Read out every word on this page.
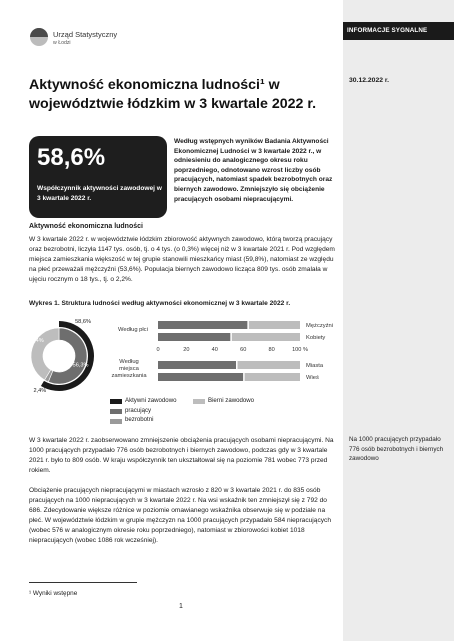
INFORMACJE SYGNALNE
30.12.2022 r.
Urząd Statystyczny
w Łodzi
Aktywność ekonomiczna ludności¹ w województwie łódzkim w 3 kwartale 2022 r.
58,6%
Współczynnik aktywności zawodowej w 3 kwartale 2022 r.
Według wstępnych wyników Badania Aktywności Ekonomicznej Ludności w 3 kwartale 2022 r., w odniesieniu do analogicznego okresu roku poprzedniego, odnotowano wzrost liczby osób pracujących, natomiast spadek bezrobotnych oraz biernych zawodowo. Zmniejszyło się obciążenie pracujących osobami niepracującymi.
Aktywność ekonomiczna ludności
W 3 kwartale 2022 r. w województwie łódzkim zbiorowość aktywnych zawodowo, którą tworzą pracujący oraz bezrobotni, liczyła 1147 tys. osób, tj. o 4 tys. (o 0,3%) więcej niż w 3 kwartale 2021 r. Pod względem miejsca zamieszkania większość w tej grupie stanowili mieszkańcy miast (59,8%), natomiast ze względu na płeć przeważali mężczyźni (53,6%). Populacja biernych zawodowo licząca 809 tys. osób zmalała w ujęciu rocznym o 18 tys., tj. o 2,2%.
Wykres 1. Struktura ludności według aktywności ekonomicznej w 3 kwartale 2022 r.
56,3%
41,4%
2,4%
58,6%
Mężczyźni
Kobiety
Miasta
Wieś
0	20	40	60	80	100 %
Według płci
Według miejsca zamieszkania
Aktywni zawodowo
pracujący
bezrobotni
Bierni zawodowo
W 3 kwartale 2022 r. zaobserwowano zmniejszenie obciążenia pracujących osobami niepracującymi. Na 1000 pracujących przypadało 776 osób bezrobotnych i biernych zawodowo, podczas gdy w 3 kwartale 2021 r. było to 809 osób. W kraju współczynnik ten ukształtował się na poziomie 781 wobec 773 przed rokiem.
Obciążenie pracujących niepracującymi w miastach wzrosło z 820 w 3 kwartale 2021 r. do 835 osób pracujących na 1000 niepracujących w 3 kwartale 2022 r. Na wsi wskaźnik ten zmniejszył się z 792 do 686. Zdecydowanie większe różnice w poziomie omawianego wskaźnika obserwuje się w podziale na płeć. W województwie łódzkim w grupie mężczyzn na 1000 pracujących przypadało 584 niepracujących (wobec 576 w analogicznym okresie roku poprzedniego), natomiast w zbiorowości kobiet 1018 niepracujących (wobec 1086 rok wcześniej).
Na 1000 pracujących przypadało 776 osób bezrobotnych i biernych zawodowo
¹ Wyniki wstępne
1
